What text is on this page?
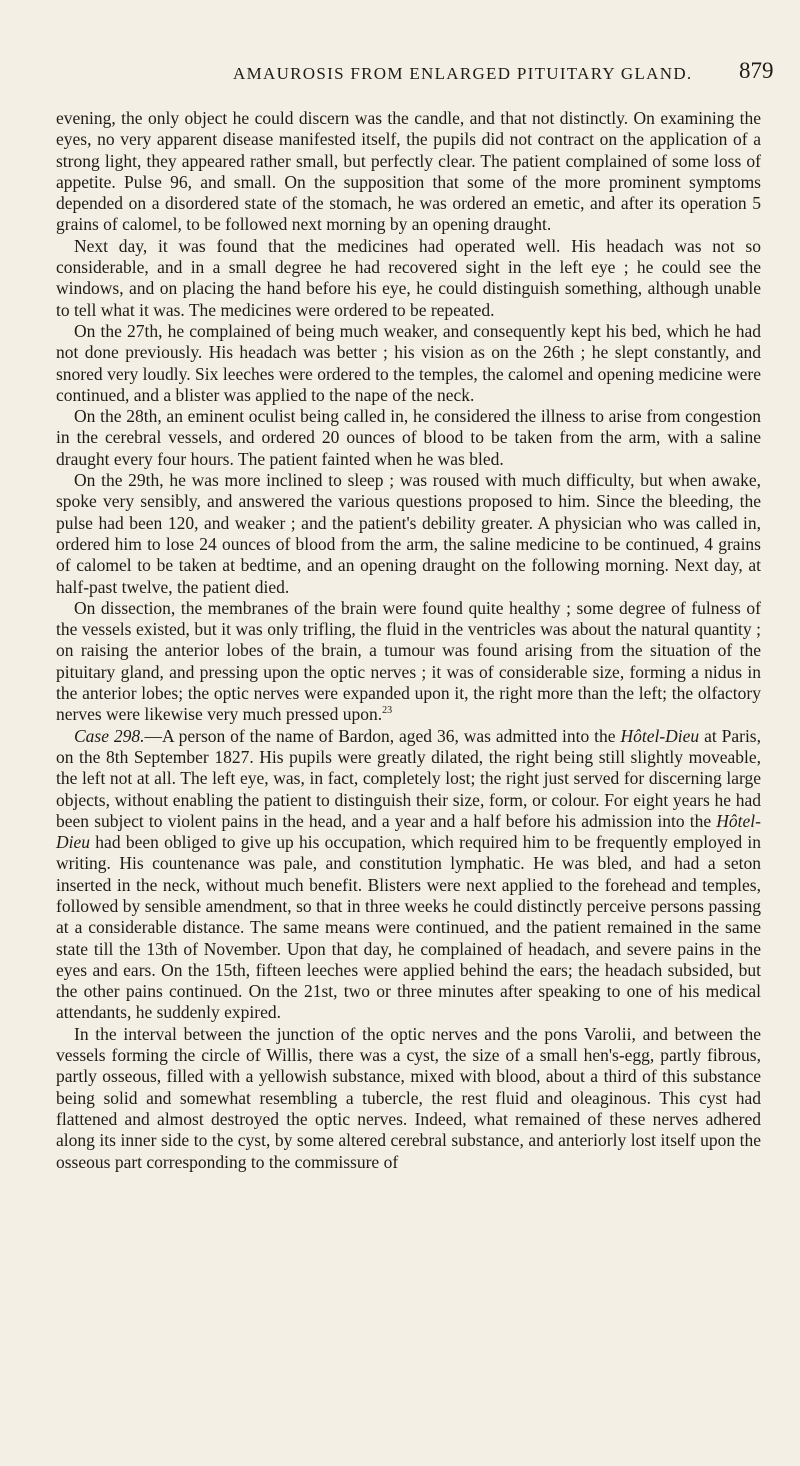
AMAUROSIS FROM ENLARGED PITUITARY GLAND. 879

evening, the only object he could discern was the candle, and that not distinctly. On examining the eyes, no very apparent disease manifested itself, the pupils did not contract on the application of a strong light, they appeared rather small, but perfectly clear. The patient complained of some loss of appetite. Pulse 96, and small. On the supposition that some of the more prominent symptoms depended on a disordered state of the stomach, he was ordered an emetic, and after its operation 5 grains of calomel, to be followed next morning by an opening draught.

Next day, it was found that the medicines had operated well. His headach was not so considerable, and in a small degree he had recovered sight in the left eye ; he could see the windows, and on placing the hand before his eye, he could distinguish something, although unable to tell what it was. The medicines were ordered to be repeated.

On the 27th, he complained of being much weaker, and consequently kept his bed, which he had not done previously. His headach was better ; his vision as on the 26th ; he slept constantly, and snored very loudly. Six leeches were ordered to the temples, the calomel and opening medicine were continued, and a blister was applied to the nape of the neck.

On the 28th, an eminent oculist being called in, he considered the illness to arise from congestion in the cerebral vessels, and ordered 20 ounces of blood to be taken from the arm, with a saline draught every four hours. The patient fainted when he was bled.

On the 29th, he was more inclined to sleep ; was roused with much difficulty, but when awake, spoke very sensibly, and answered the various questions proposed to him. Since the bleeding, the pulse had been 120, and weaker ; and the patient's debility greater. A physician who was called in, ordered him to lose 24 ounces of blood from the arm, the saline medicine to be continued, 4 grains of calomel to be taken at bedtime, and an opening draught on the following morning. Next day, at half-past twelve, the patient died.

On dissection, the membranes of the brain were found quite healthy ; some degree of fulness of the vessels existed, but it was only trifling, the fluid in the ventricles was about the natural quantity ; on raising the anterior lobes of the brain, a tumour was found arising from the situation of the pituitary gland, and pressing upon the optic nerves ; it was of considerable size, forming a nidus in the anterior lobes; the optic nerves were expanded upon it, the right more than the left; the olfactory nerves were likewise very much pressed upon.$^{23}$

Case 298.—A person of the name of Bardon, aged 36, was admitted into the Hôtel-Dieu at Paris, on the 8th September 1827. His pupils were greatly dilated, the right being still slightly moveable, the left not at all. The left eye, was, in fact, completely lost; the right just served for discerning large objects, without enabling the patient to distinguish their size, form, or colour. For eight years he had been subject to violent pains in the head, and a year and a half before his admission into the Hôtel-Dieu had been obliged to give up his occupation, which required him to be frequently employed in writing. His countenance was pale, and constitution lymphatic. He was bled, and had a seton inserted in the neck, without much benefit. Blisters were next applied to the forehead and temples, followed by sensible amendment, so that in three weeks he could distinctly perceive persons passing at a considerable distance. The same means were continued, and the patient remained in the same state till the 13th of November. Upon that day, he complained of headach, and severe pains in the eyes and ears. On the 15th, fifteen leeches were applied behind the ears; the headach subsided, but the other pains continued. On the 21st, two or three minutes after speaking to one of his medical attendants, he suddenly expired.

In the interval between the junction of the optic nerves and the pons Varolii, and between the vessels forming the circle of Willis, there was a cyst, the size of a small hen's-egg, partly fibrous, partly osseous, filled with a yellowish substance, mixed with blood, about a third of this substance being solid and somewhat resembling a tubercle, the rest fluid and oleaginous. This cyst had flattened and almost destroyed the optic nerves. Indeed, what remained of these nerves adhered along its inner side to the cyst, by some altered cerebral substance, and anteriorly lost itself upon the osseous part corresponding to the commissure of
